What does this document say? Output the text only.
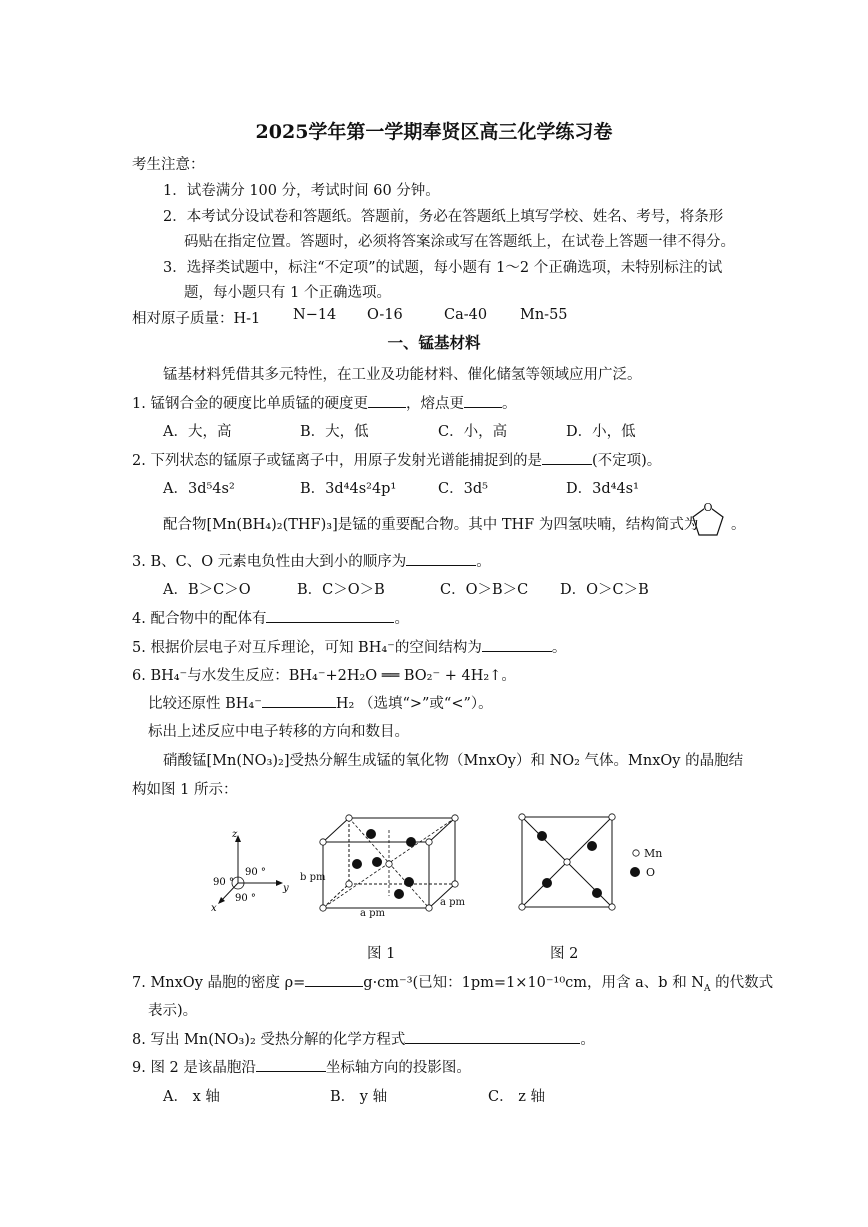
2025学年第一学期奉贤区高三化学练习卷
考生注意：
1．试卷满分 100 分，考试时间 60 分钟。
2．本考试分设试卷和答题纸。答题前，务必在答题纸上填写学校、姓名、考号，将条形
码贴在指定位置。答题时，必须将答案涂或写在答题纸上，在试卷上答题一律不得分。
3．选择类试题中，标注“不定项”的试题，每小题有 1～2 个正确选项，未特别标注的试
题，每小题只有 1 个正确选项。
相对原子质量：H-1 N−14 O-16	Ca-40 Mn-55
一、锰基材料
锰基材料凭借其多元特性，在工业及功能材料、催化储氢等领域应用广泛。
1. 锰钢合金的硬度比单质锰的硬度更	，熔点更	。
A．大，高	B．大，低	C．小，高	D．小，低
2. 下列状态的锰原子或锰离子中，用原子发射光谱能捕捉到的是	(不定项)。
A．3d⁵4s²	B．3d⁴4s²4p¹	C．3d⁵	D．3d⁴4s¹
配合物[Mn(BH₄)₂(THF)₃]是锰的重要配合物。其中 THF 为四氢呋喃，结构简式为
O
。
3. B、C、O 元素电负性由大到小的顺序为	。
A．B＞C＞O	B．C＞O＞B	C．O＞B＞C D．O＞C＞B
4. 配合物中的配体有	。
5. 根据价层电子对互斥理论，可知 BH₄⁻的空间结构为	。
6. BH₄⁻与水发生反应：BH₄⁻+2H₂O ══ BO₂⁻ + 4H₂↑。
比较还原性 BH₄⁻	H₂ （选填“>”或“<”）。
标出上述反应中电子转移的方向和数目。
硝酸锰[Mn(NO₃)₂]受热分解生成锰的氧化物（MnxOy）和 NO₂ 气体。MnxOy 的晶胞结
构如图 1 所示：
z
y
x
90 °
90 °
90 °
b pm
a pm
a pm
Mn
O
图 1	图 2
7. MnxOy 晶胞的密度 ρ=	g·cm⁻³(已知：1pm=1×10⁻¹⁰cm，用含 a、b 和 $N_A$ 的代数式
表示)。
8. 写出 Mn(NO₃)₂ 受热分解的化学方程式	。
9. 图 2 是该晶胞沿	坐标轴方向的投影图。
A． x 轴	B． y 轴	C． z 轴
